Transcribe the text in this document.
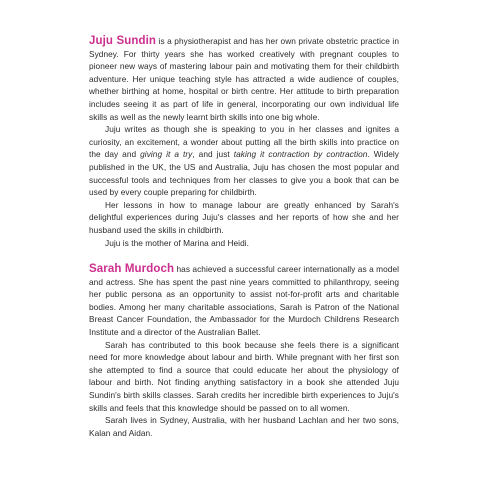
Juju Sundin is a physiotherapist and has her own private obstetric practice in Sydney. For thirty years she has worked creatively with pregnant couples to pioneer new ways of mastering labour pain and motivating them for their childbirth adventure. Her unique teaching style has attracted a wide audience of couples, whether birthing at home, hospital or birth centre. Her attitude to birth preparation includes seeing it as part of life in general, incorporating our own individual life skills as well as the newly learnt birth skills into one big whole.

Juju writes as though she is speaking to you in her classes and ignites a curiosity, an excitement, a wonder about putting all the birth skills into practice on the day and giving it a try, and just taking it contraction by contraction. Widely published in the UK, the US and Australia, Juju has chosen the most popular and successful tools and techniques from her classes to give you a book that can be used by every couple preparing for childbirth.

Her lessons in how to manage labour are greatly enhanced by Sarah's delightful experiences during Juju's classes and her reports of how she and her husband used the skills in childbirth.

Juju is the mother of Marina and Heidi.

Sarah Murdoch has achieved a successful career internationally as a model and actress. She has spent the past nine years committed to philanthropy, seeing her public persona as an opportunity to assist not-for-profit arts and charitable bodies. Among her many charitable associations, Sarah is Patron of the National Breast Cancer Foundation, the Ambassador for the Murdoch Childrens Research Institute and a director of the Australian Ballet.

Sarah has contributed to this book because she feels there is a significant need for more knowledge about labour and birth. While pregnant with her first son she attempted to find a source that could educate her about the physiology of labour and birth. Not finding anything satisfactory in a book she attended Juju Sundin's birth skills classes. Sarah credits her incredible birth experiences to Juju's skills and feels that this knowledge should be passed on to all women.

Sarah lives in Sydney, Australia, with her husband Lachlan and her two sons, Kalan and Aidan.
